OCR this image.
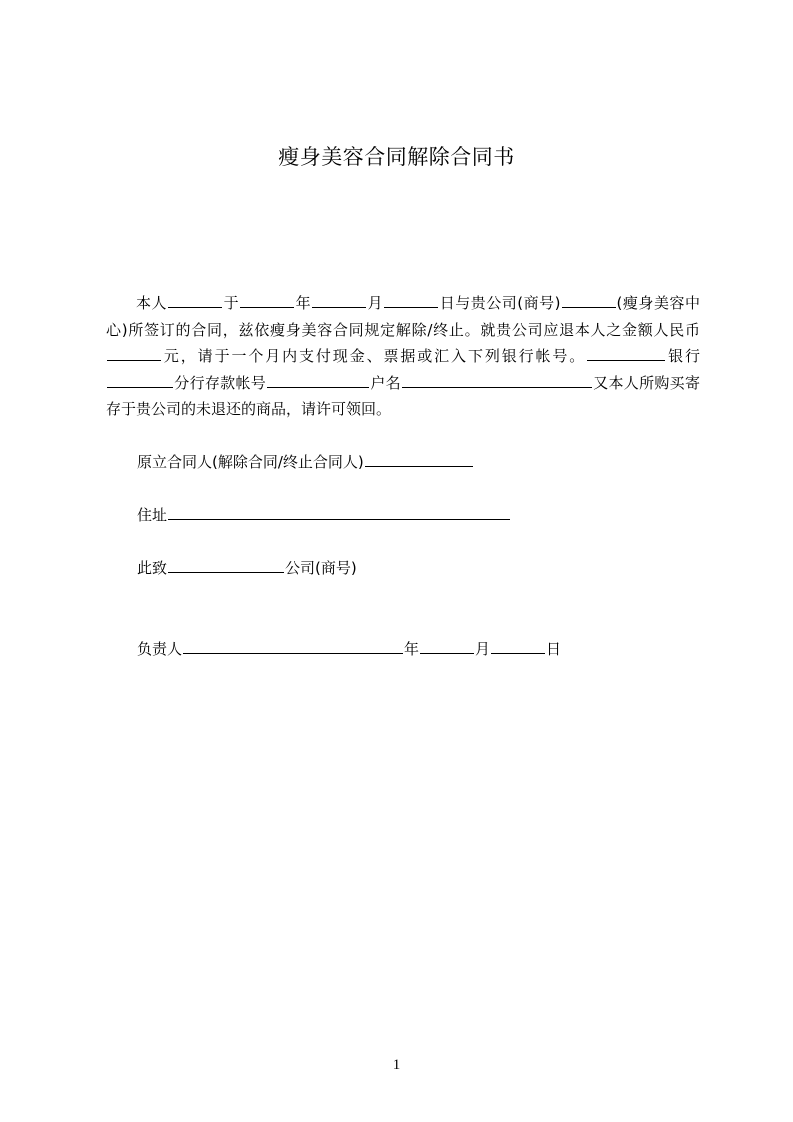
瘦身美容合同解除合同书

本人	于	年	月	日与贵公司(商号)	(瘦身美容中心)所签订的合同，兹依瘦身美容合同规定解除/终止。就贵公司应退本人之金额人民币元，请于一个月内支付现金、票据或汇入下列银行帐号。	银行分行存款帐号	户名	又本人所购买寄存于贵公司的未退还的商品，请许可领回。

原立合同人(解除合同/终止合同人)
住址
此致	公司(商号)
负责人	年	月	日
1
